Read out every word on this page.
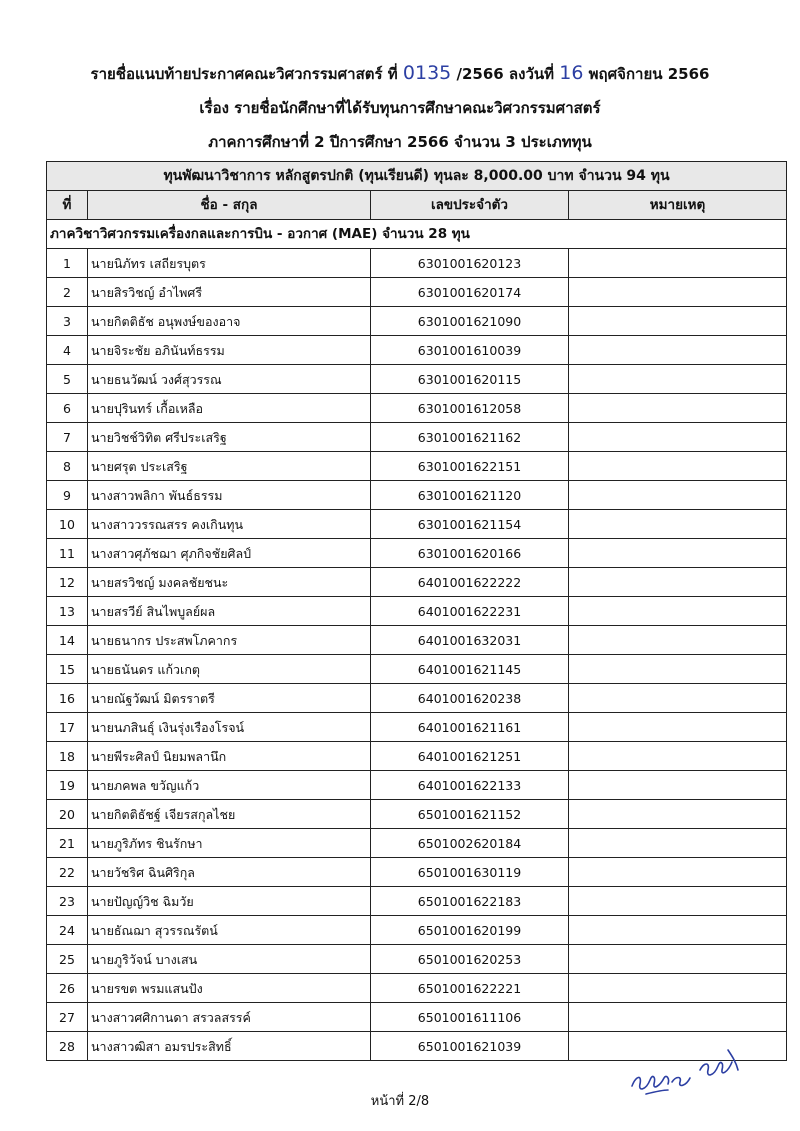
รายชื่อแนบท้ายประกาศคณะวิศวกรรมศาสตร์ ที่ 0135 /2566 ลงวันที่ 16 พฤศจิกายน 2566
เรื่อง รายชื่อนักศึกษาที่ได้รับทุนการศึกษาคณะวิศวกรรมศาสตร์
ภาคการศึกษาที่ 2 ปีการศึกษา 2566 จำนวน 3 ประเภททุน
ทุนพัฒนาวิชาการ หลักสูตรปกติ (ทุนเรียนดี) ทุนละ 8,000.00 บาท จำนวน 94 ทุน			
ที่	ชื่อ - สกุล	เลขประจำตัว	หมายเหตุ
ภาควิชาวิศวกรรมเครื่องกลและการบิน - อวกาศ (MAE) จำนวน 28 ทุน			
1	นายนิภัทร เสถียรบุตร	6301001620123	
2	นายสิรวิชญ์ อำไพศรี	6301001620174	
3	นายกิตติธัช อนุพงษ์ของอาจ	6301001621090	
4	นายจิระชัย อภินันท์ธรรม	6301001610039	
5	นายธนวัฒน์ วงศ์สุวรรณ	6301001620115	
6	นายปุรินทร์ เกื้อเหลือ	6301001612058	
7	นายวิชช์วิทิต ศรีประเสริฐ	6301001621162	
8	นายศรุต ประเสริฐ	6301001622151	
9	นางสาวพลิกา พันธ์ธรรม	6301001621120	
10	นางสาววรรณสรร คงเกินทุน	6301001621154	
11	นางสาวศุภัชฌา ศุภกิจชัยศิลป์	6301001620166	
12	นายสรวิชญ์ มงคลชัยชนะ	6401001622222	
13	นายสรวีย์ สินไพบูลย์ผล	6401001622231	
14	นายธนากร ประสพโภคากร	6401001632031	
15	นายธนันดร แก้วเกตุ	6401001621145	
16	นายณัฐวัฒน์ มิตรราตรี	6401001620238	
17	นายนภสินธุ์ เงินรุ่งเรืองโรจน์	6401001621161	
18	นายพีระศิลป์ นิยมพลานึก	6401001621251	
19	นายภคพล ขวัญแก้ว	6401001622133	
20	นายกิตติธัชฐ์ เจียรสกุลไชย	6501001621152	
21	นายภูริภัทร ชินรักษา	6501002620184	
22	นายวัชริศ ฉินศิริกุล	6501001630119	
23	นายปัญญ์วิช ฉิมวัย	6501001622183	
24	นายธัณฌา สุวรรณรัตน์	6501001620199	
25	นายภูริวัจน์ บางเสน	6501001620253	
26	นายรขต พรมแสนปัง	6501001622221	
27	นางสาวศศิกานดา สรวลสรรค์	6501001611106	
28	นางสาวฒิสา อมรประสิทธิ์	6501001621039	
หน้าที่ 2/8
